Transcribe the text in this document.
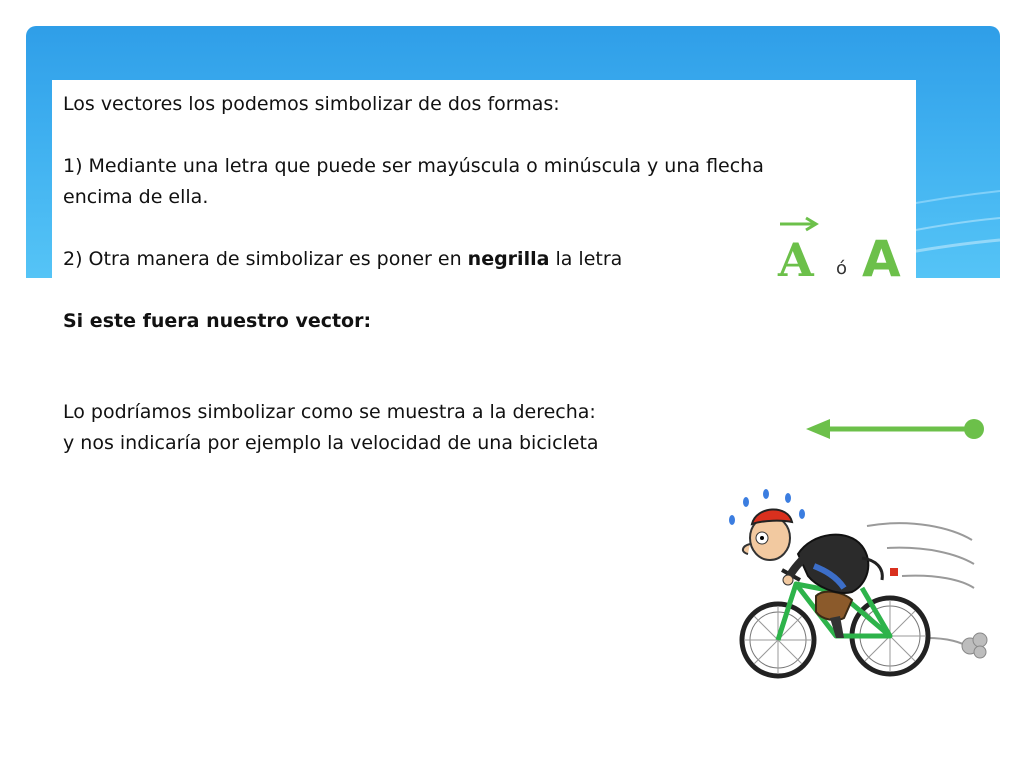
Los vectores los podemos simbolizar de dos formas:

1) Mediante una letra que puede ser mayúscula o minúscula y una flecha

encima de ella.

2) Otra manera de simbolizar es poner en negrilla la letra

Si este fuera nuestro vector:

Lo podríamos simbolizar como se muestra a la derecha:

y nos indicaría por ejemplo la velocidad de una bicicleta

A ó A
